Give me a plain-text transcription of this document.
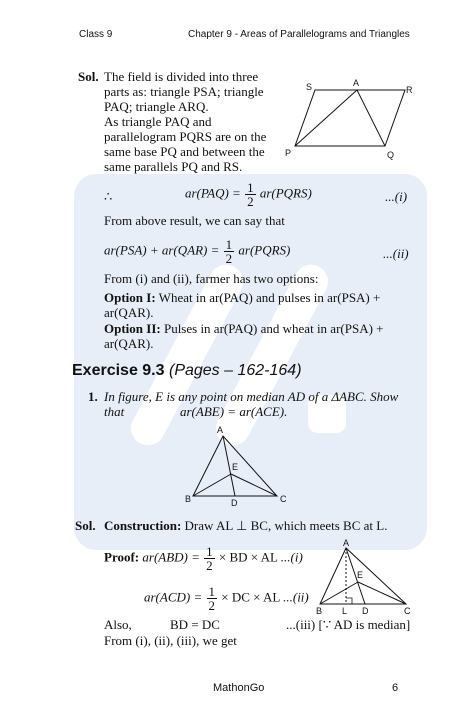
Class 9	Chapter 9 - Areas of Parallelograms and Triangles
Sol. The field is divided into three
parts as: triangle PSA; triangle
PAQ; triangle ARQ.
As triangle PAQ and
parallelogram PQRS are on the
same base PQ and between the
same parallels PQ and RS.
S	A
R
P	Q
∴	$ar(PAQ) = \frac{1}{2}$ ar(PQRS)	...(i)
From above result, we can say that
$ar(PSA) + ar(QAR) = \frac{1}{2}$ ar(PQRS)	...(ii)
From (i) and (ii), farmer has two options:
Option I: Wheat in ar(PAQ) and pulses in ar(PSA) +
ar(QAR).
Option II: Pulses in ar(PAQ) and wheat in ar(PSA) +
ar(QAR).
Exercise 9.3 (Pages – 162-164)
1. In figure, E is any point on median AD of a ΔABC. Show
that	ar(ABE) = ar(ACE).
A
E
B	D	C
Sol. Construction: Draw AL ⊥ BC, which meets BC at L.
Proof: $ar(ABD) = \frac{1}{2}$ × BD × AL ...(i)
$ar(ACD) = \frac{1}{2}$ × DC × AL ...(ii)
Also,	BD = DC	...(iii) [∵ AD is median]
From (i), (ii), (iii), we get
A
E
B L D	C
MathonGo	6
